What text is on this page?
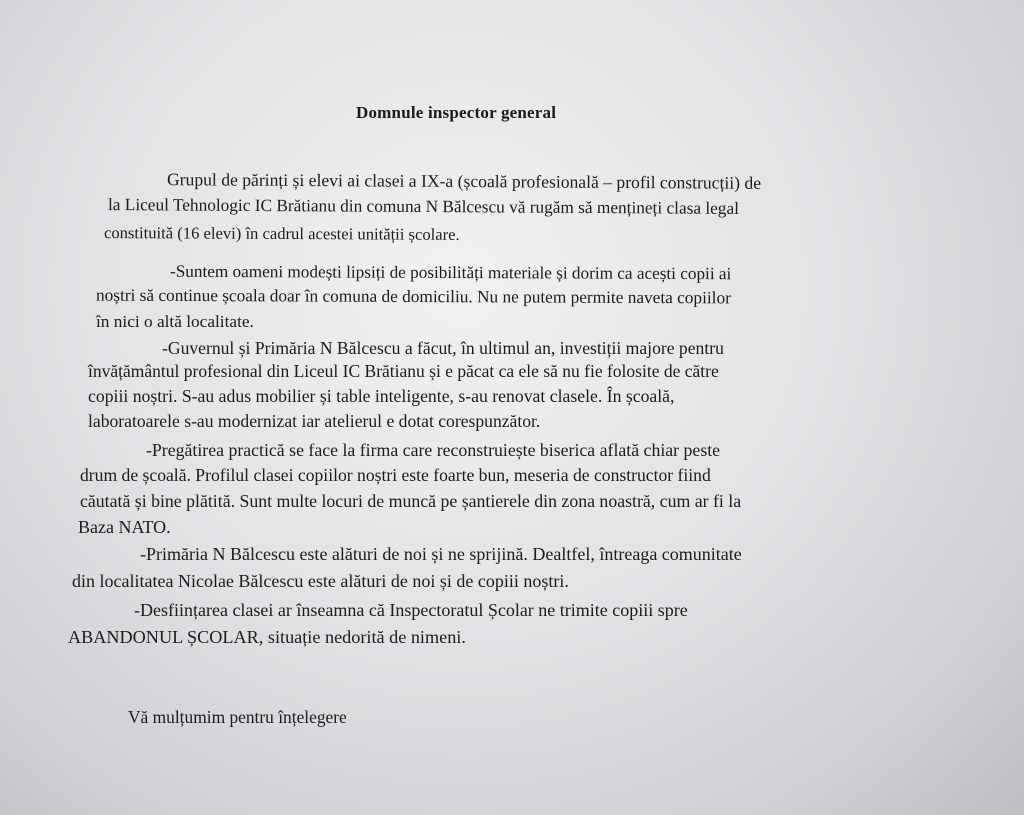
Domnule inspector general
Grupul de părinți și elevi ai clasei a IX-a (școală profesională – profil construcții) de
la Liceul Tehnologic IC Brătianu din comuna N Bălcescu vă rugăm să mențineți clasa legal
constituită (16 elevi) în cadrul acestei unității școlare.
-Suntem oameni modești lipsiți de posibilități materiale și dorim ca acești copii ai
noștri să continue școala doar în comuna de domiciliu. Nu ne putem permite naveta copiilor
în nici o altă localitate.
-Guvernul și Primăria N Bălcescu a făcut, în ultimul an, investiții majore pentru
învățământul profesional din Liceul IC Brătianu și e păcat ca ele să nu fie folosite de către
copiii noștri. S-au adus mobilier și table inteligente, s-au renovat clasele. În școală,
laboratoarele s-au modernizat iar atelierul e dotat corespunzător.
-Pregătirea practică se face la firma care reconstruiește biserica aflată chiar peste
drum de școală. Profilul clasei copiilor noștri este foarte bun, meseria de constructor fiind
căutată și bine plătită. Sunt multe locuri de muncă pe șantierele din zona noastră, cum ar fi la
Baza NATO.
-Primăria N Bălcescu este alături de noi și ne sprijină. Dealtfel, întreaga comunitate
din localitatea Nicolae Bălcescu este alături de noi și de copiii noștri.
-Desființarea clasei ar înseamna că Inspectoratul Școlar ne trimite copiii spre
ABANDONUL ȘCOLAR, situație nedorită de nimeni.
Vă mulțumim pentru înțelegere
